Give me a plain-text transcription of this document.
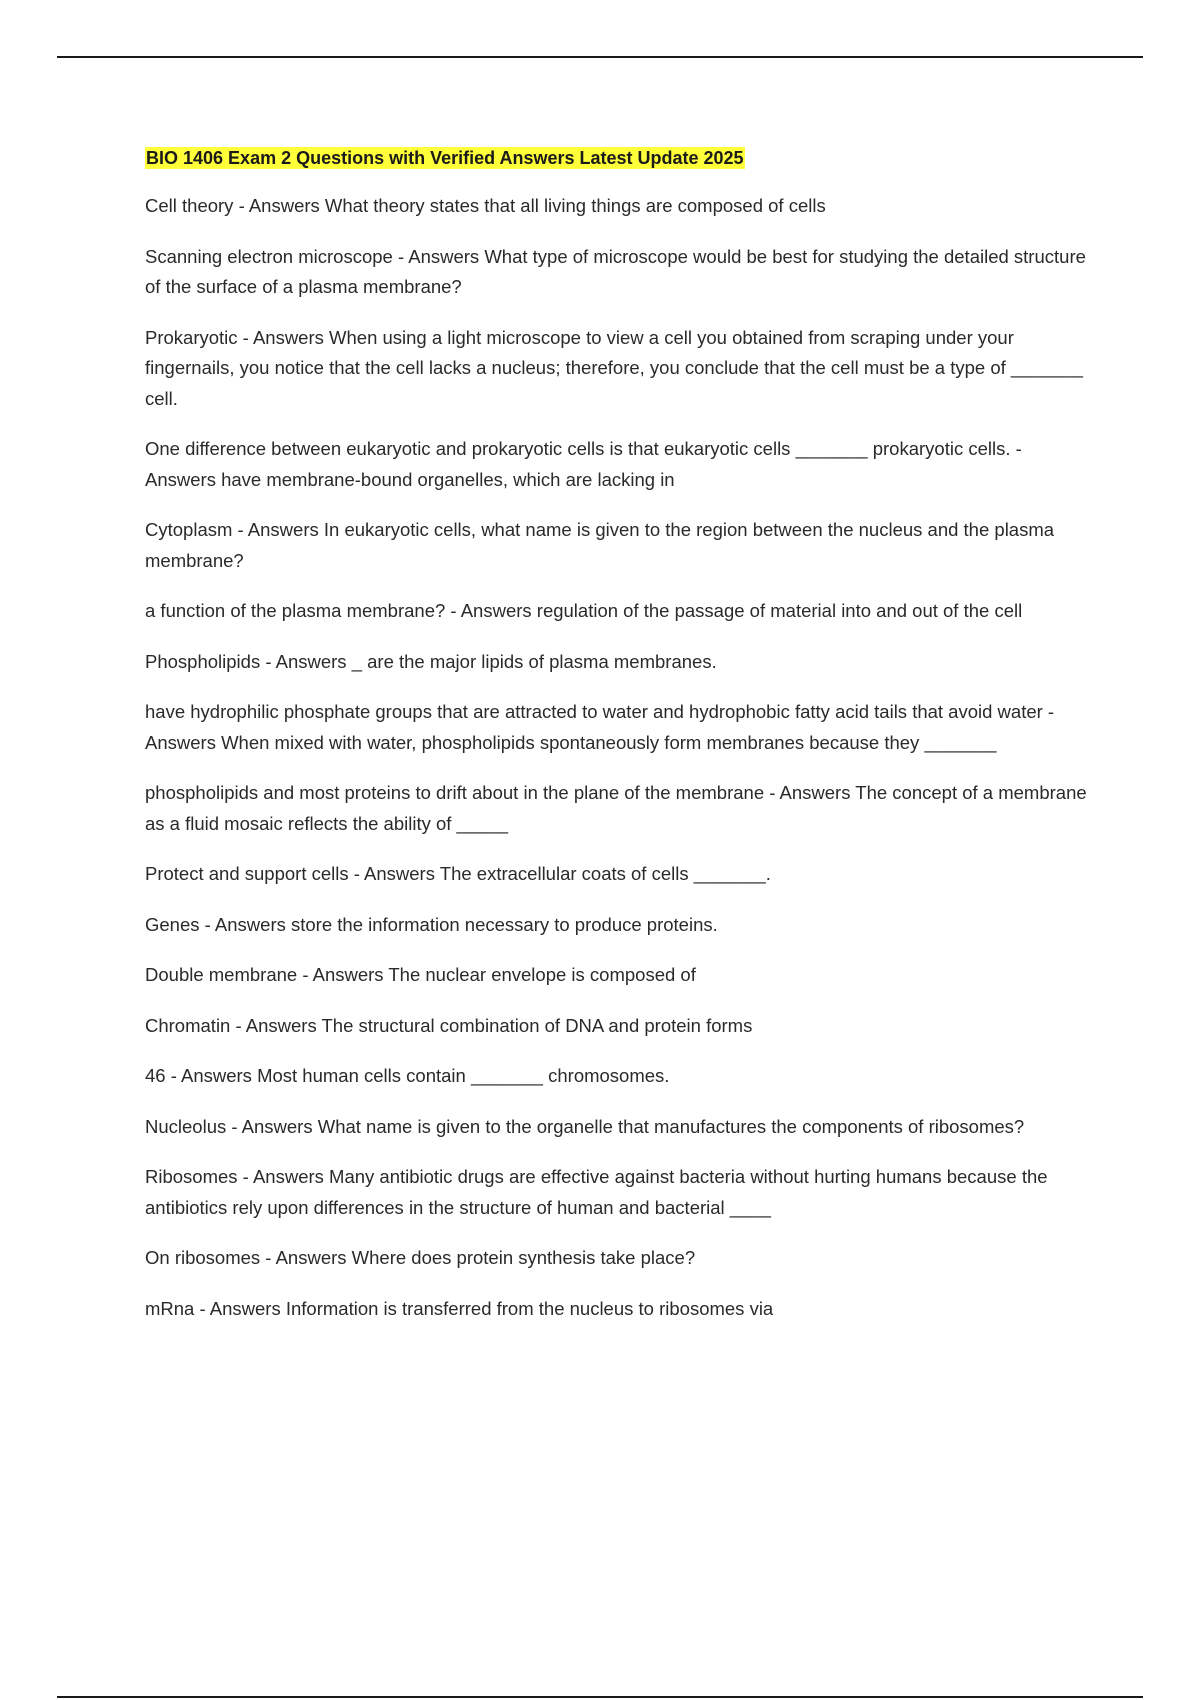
BIO 1406 Exam 2 Questions with Verified Answers Latest Update 2025

Cell theory - Answers What theory states that all living things are composed of cells
Scanning electron microscope - Answers What type of microscope would be best for studying the detailed structure of the surface of a plasma membrane?
Prokaryotic - Answers When using a light microscope to view a cell you obtained from scraping under your fingernails, you notice that the cell lacks a nucleus; therefore, you conclude that the cell must be a type of _______ cell.
One difference between eukaryotic and prokaryotic cells is that eukaryotic cells _______ prokaryotic cells. - Answers have membrane-bound organelles, which are lacking in
Cytoplasm - Answers In eukaryotic cells, what name is given to the region between the nucleus and the plasma membrane?
a function of the plasma membrane? - Answers regulation of the passage of material into and out of the cell
Phospholipids - Answers _ are the major lipids of plasma membranes.
have hydrophilic phosphate groups that are attracted to water and hydrophobic fatty acid tails that avoid water - Answers When mixed with water, phospholipids spontaneously form membranes because they _______
phospholipids and most proteins to drift about in the plane of the membrane - Answers The concept of a membrane as a fluid mosaic reflects the ability of _____
Protect and support cells - Answers The extracellular coats of cells _______.
Genes - Answers store the information necessary to produce proteins.
Double membrane - Answers The nuclear envelope is composed of
Chromatin - Answers The structural combination of DNA and protein forms
46 - Answers Most human cells contain _______ chromosomes.
Nucleolus - Answers What name is given to the organelle that manufactures the components of ribosomes?
Ribosomes - Answers Many antibiotic drugs are effective against bacteria without hurting humans because the antibiotics rely upon differences in the structure of human and bacterial ____
On ribosomes - Answers Where does protein synthesis take place?
mRna - Answers Information is transferred from the nucleus to ribosomes via
